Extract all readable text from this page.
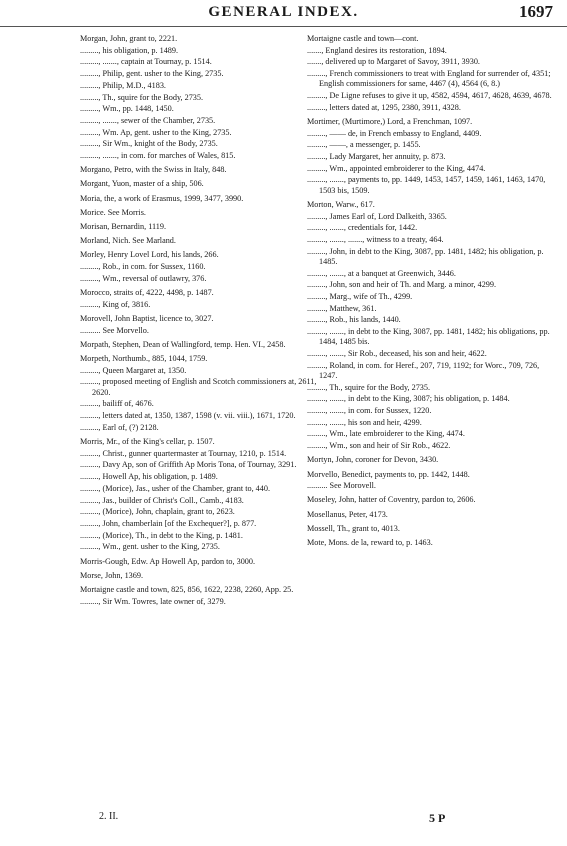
GENERAL INDEX.	1697
Morgan, John, grant to, 2221.
........., his obligation, p. 1489.
........., ......., captain at Tournay, p. 1514.
........., Philip, gent. usher to the King, 2735.
........., Philip, M.D., 4183.
........., Th., squire for the Body, 2735.
........., Wm., pp. 1448, 1450.
........., ......., sewer of the Chamber, 2735.
........., Wm. Ap, gent. usher to the King, 2735.
........., Sir Wm., knight of the Body, 2735.
........., ......., in com. for marches of Wales, 815.
Morgano, Petro, with the Swiss in Italy, 848.
Morgant, Yuon, master of a ship, 506.
Moria, the, a work of Erasmus, 1999, 3477, 3990.
Morice. See Morris.
Morisan, Bernardin, 1119.
Morland, Nich. See Marland.
Morley, Henry Lovel Lord, his lands, 266.
........., Rob., in com. for Sussex, 1160.
........., Wm., reversal of outlawry, 376.
Morocco, straits of, 4222, 4498, p. 1487.
........., King of, 3816.
Morovell, John Baptist, licence to, 3027.
.......... See Morvello.
Morpath, Stephen, Dean of Wallingford, temp. Hen. VI., 2458.
Morpeth, Northumb., 885, 1044, 1759.
........., Queen Margaret at, 1350.
........., proposed meeting of English and Scotch commissioners at, 2611, 2620.
........., bailiff of, 4676.
........., letters dated at, 1350, 1387, 1598 (v. vii. viii.), 1671, 1720.
........., Earl of, (?) 2128.
Morris, Mr., of the King's cellar, p. 1507.
........., Christ., gunner quartermaster at Tournay, 1210, p. 1514.
........., Davy Ap, son of Griffith Ap Moris Tona, of Tournay, 3291.
........., Howell Ap, his obligation, p. 1489.
........., (Morice), Jas., usher of the Chamber, grant to, 440.
........., Jas., builder of Christ's Coll., Camb., 4183.
........., (Morice), John, chaplain, grant to, 2623.
........., John, chamberlain [of the Exchequer?], p. 877.
........., (Morice), Th., in debt to the King, p. 1481.
........., Wm., gent. usher to the King, 2735.
Morris-Gough, Edw. Ap Howell Ap, pardon to, 3000.
Morse, John, 1369.
Mortaigne castle and town, 825, 856, 1622, 2238, 2260, App. 25.
........., Sir Wm. Towres, late owner of, 3279.
Mortaigne castle and town—cont.
......., England desires its restoration, 1894.
......., delivered up to Margaret of Savoy, 3911, 3930.
........., French commissioners to treat with England for surrender of, 4351; English commissioners for same, 4467 (4), 4564 (6, 8.)
........., De Ligne refuses to give it up, 4582, 4594, 4617, 4628, 4639, 4678.
........., letters dated at, 1295, 2380, 3911, 4328.
Mortimer, (Murtimore,) Lord, a Frenchman, 1097.
........., —— de, in French embassy to England, 4409.
........., ——, a messenger, p. 1455.
........., Lady Margaret, her annuity, p. 873.
........., Wm., appointed embroiderer to the King, 4474.
........., ......., payments to, pp. 1449, 1453, 1457, 1459, 1461, 1463, 1470, 1503 bis, 1509.
Morton, Warw., 617.
........., James Earl of, Lord Dalkeith, 3365.
........., ......., credentials for, 1442.
........., ......., ......., witness to a treaty, 464.
........., John, in debt to the King, 3087, pp. 1481, 1482; his obligation, p. 1485.
........., ......., at a banquet at Greenwich, 3446.
........., John, son and heir of Th. and Marg. a minor, 4299.
........., Marg., wife of Th., 4299.
........., Matthew, 361.
........., Rob., his lands, 1440.
........., ......., in debt to the King, 3087, pp. 1481, 1482; his obligations, pp. 1484, 1485 bis.
........., ......., Sir Rob., deceased, his son and heir, 4622.
........., Roland, in com. for Heref., 207, 719, 1192; for Worc., 709, 726, 1247.
........., Th., squire for the Body, 2735.
........., ......., in debt to the King, 3087; his obligation, p. 1484.
........., ......., in com. for Sussex, 1220.
........., ......., his son and heir, 4299.
........., Wm., late embroiderer to the King, 4474.
........., Wm., son and heir of Sir Rob., 4622.
Mortyn, John, coroner for Devon, 3430.
Morvello, Benedict, payments to, pp. 1442, 1448.
.......... See Morovell.
Moseley, John, hatter of Coventry, pardon to, 2606.
Mosellanus, Peter, 4173.
Mossell, Th., grant to, 4013.
Mote, Mons. de la, reward to, p. 1463.
2. II.	5 P
